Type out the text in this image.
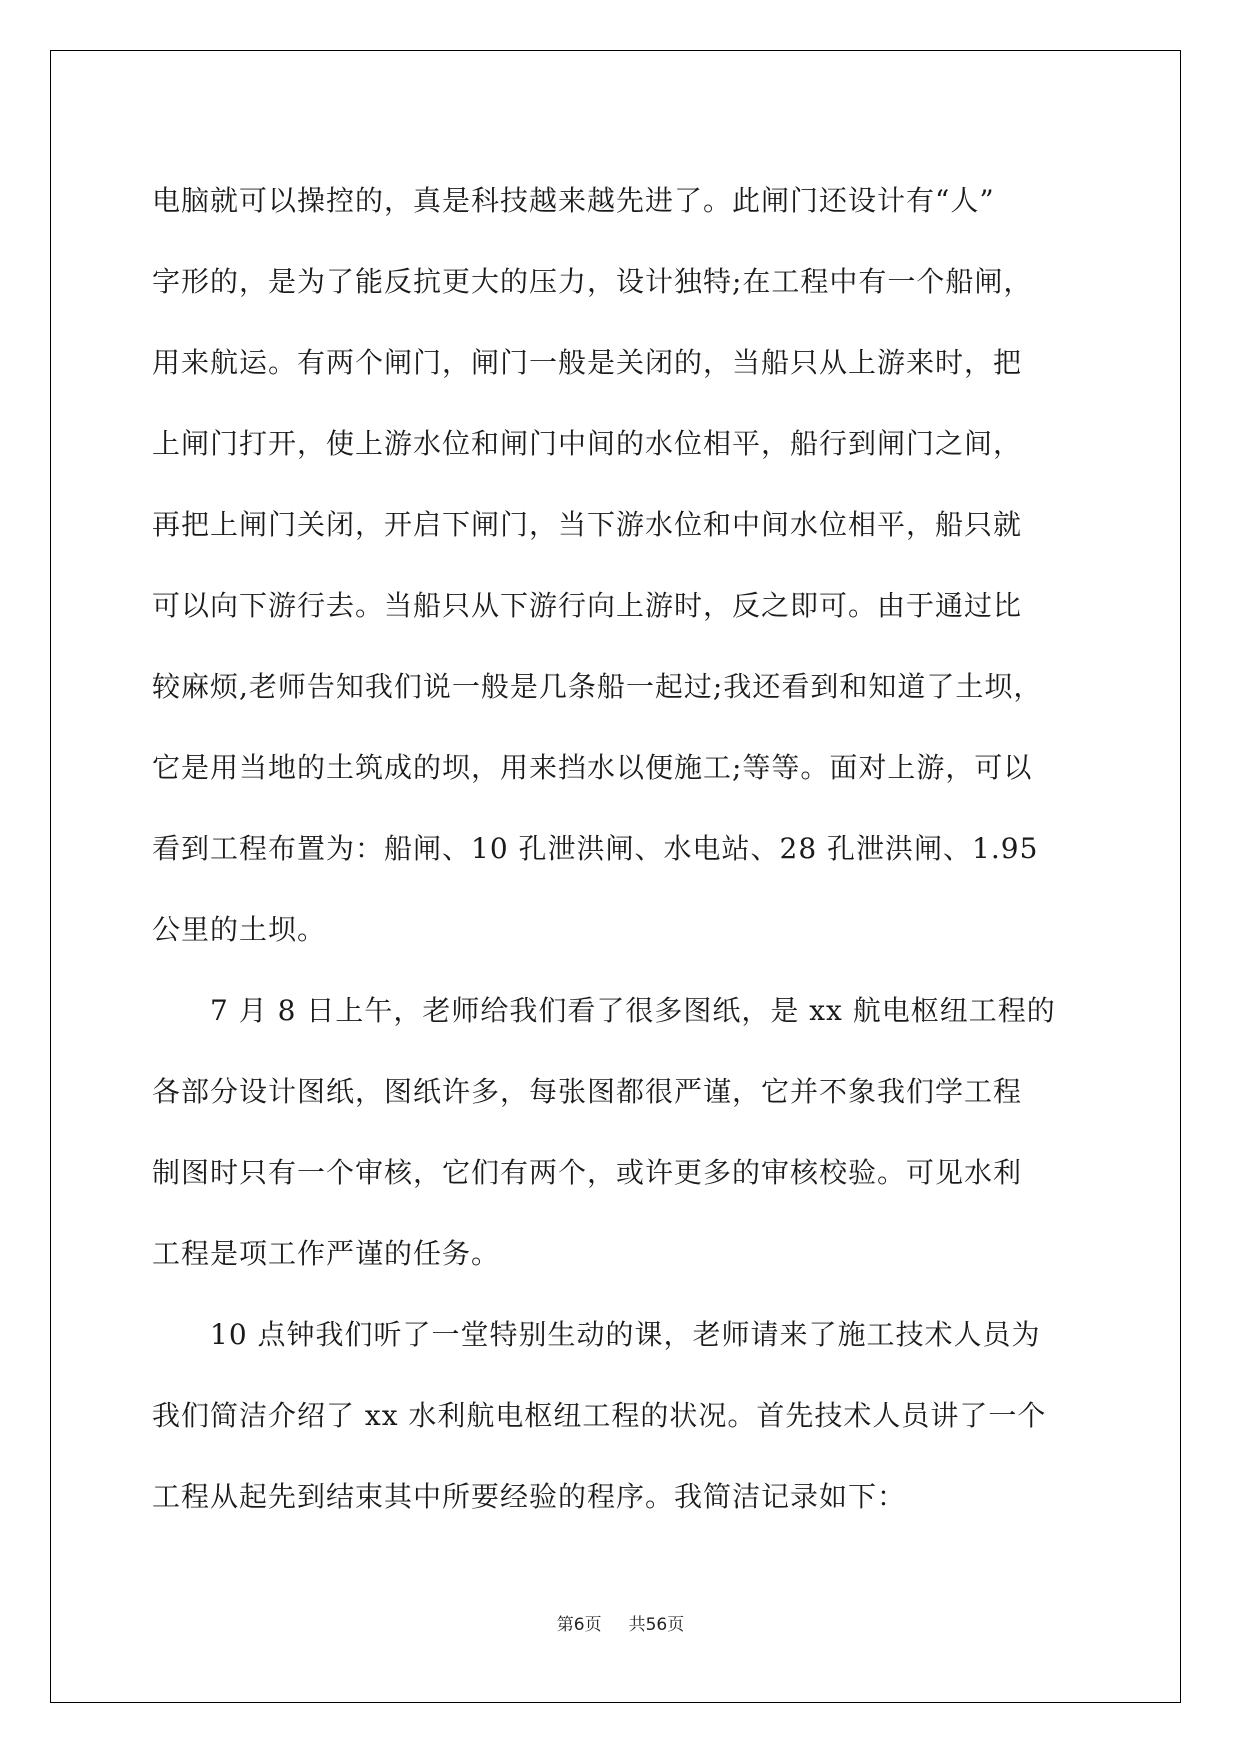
电脑就可以操控的，真是科技越来越先进了。此闸门还设计有“人”
字形的，是为了能反抗更大的压力，设计独特;在工程中有一个船闸，
用来航运。有两个闸门，闸门一般是关闭的，当船只从上游来时，把
上闸门打开，使上游水位和闸门中间的水位相平，船行到闸门之间，
再把上闸门关闭，开启下闸门，当下游水位和中间水位相平，船只就
可以向下游行去。当船只从下游行向上游时，反之即可。由于通过比
较麻烦,老师告知我们说一般是几条船一起过;我还看到和知道了土坝，
它是用当地的土筑成的坝，用来挡水以便施工;等等。面对上游，可以
看到工程布置为：船闸、10 孔泄洪闸、水电站、28 孔泄洪闸、1.95
公里的土坝。
7 月 8 日上午，老师给我们看了很多图纸，是 xx 航电枢纽工程的
各部分设计图纸，图纸许多，每张图都很严谨，它并不象我们学工程
制图时只有一个审核，它们有两个，或许更多的审核校验。可见水利
工程是项工作严谨的任务。
10 点钟我们听了一堂特别生动的课，老师请来了施工技术人员为
我们简洁介绍了 xx 水利航电枢纽工程的状况。首先技术人员讲了一个
工程从起先到结束其中所要经验的程序。我简洁记录如下：
第6页 共56页
